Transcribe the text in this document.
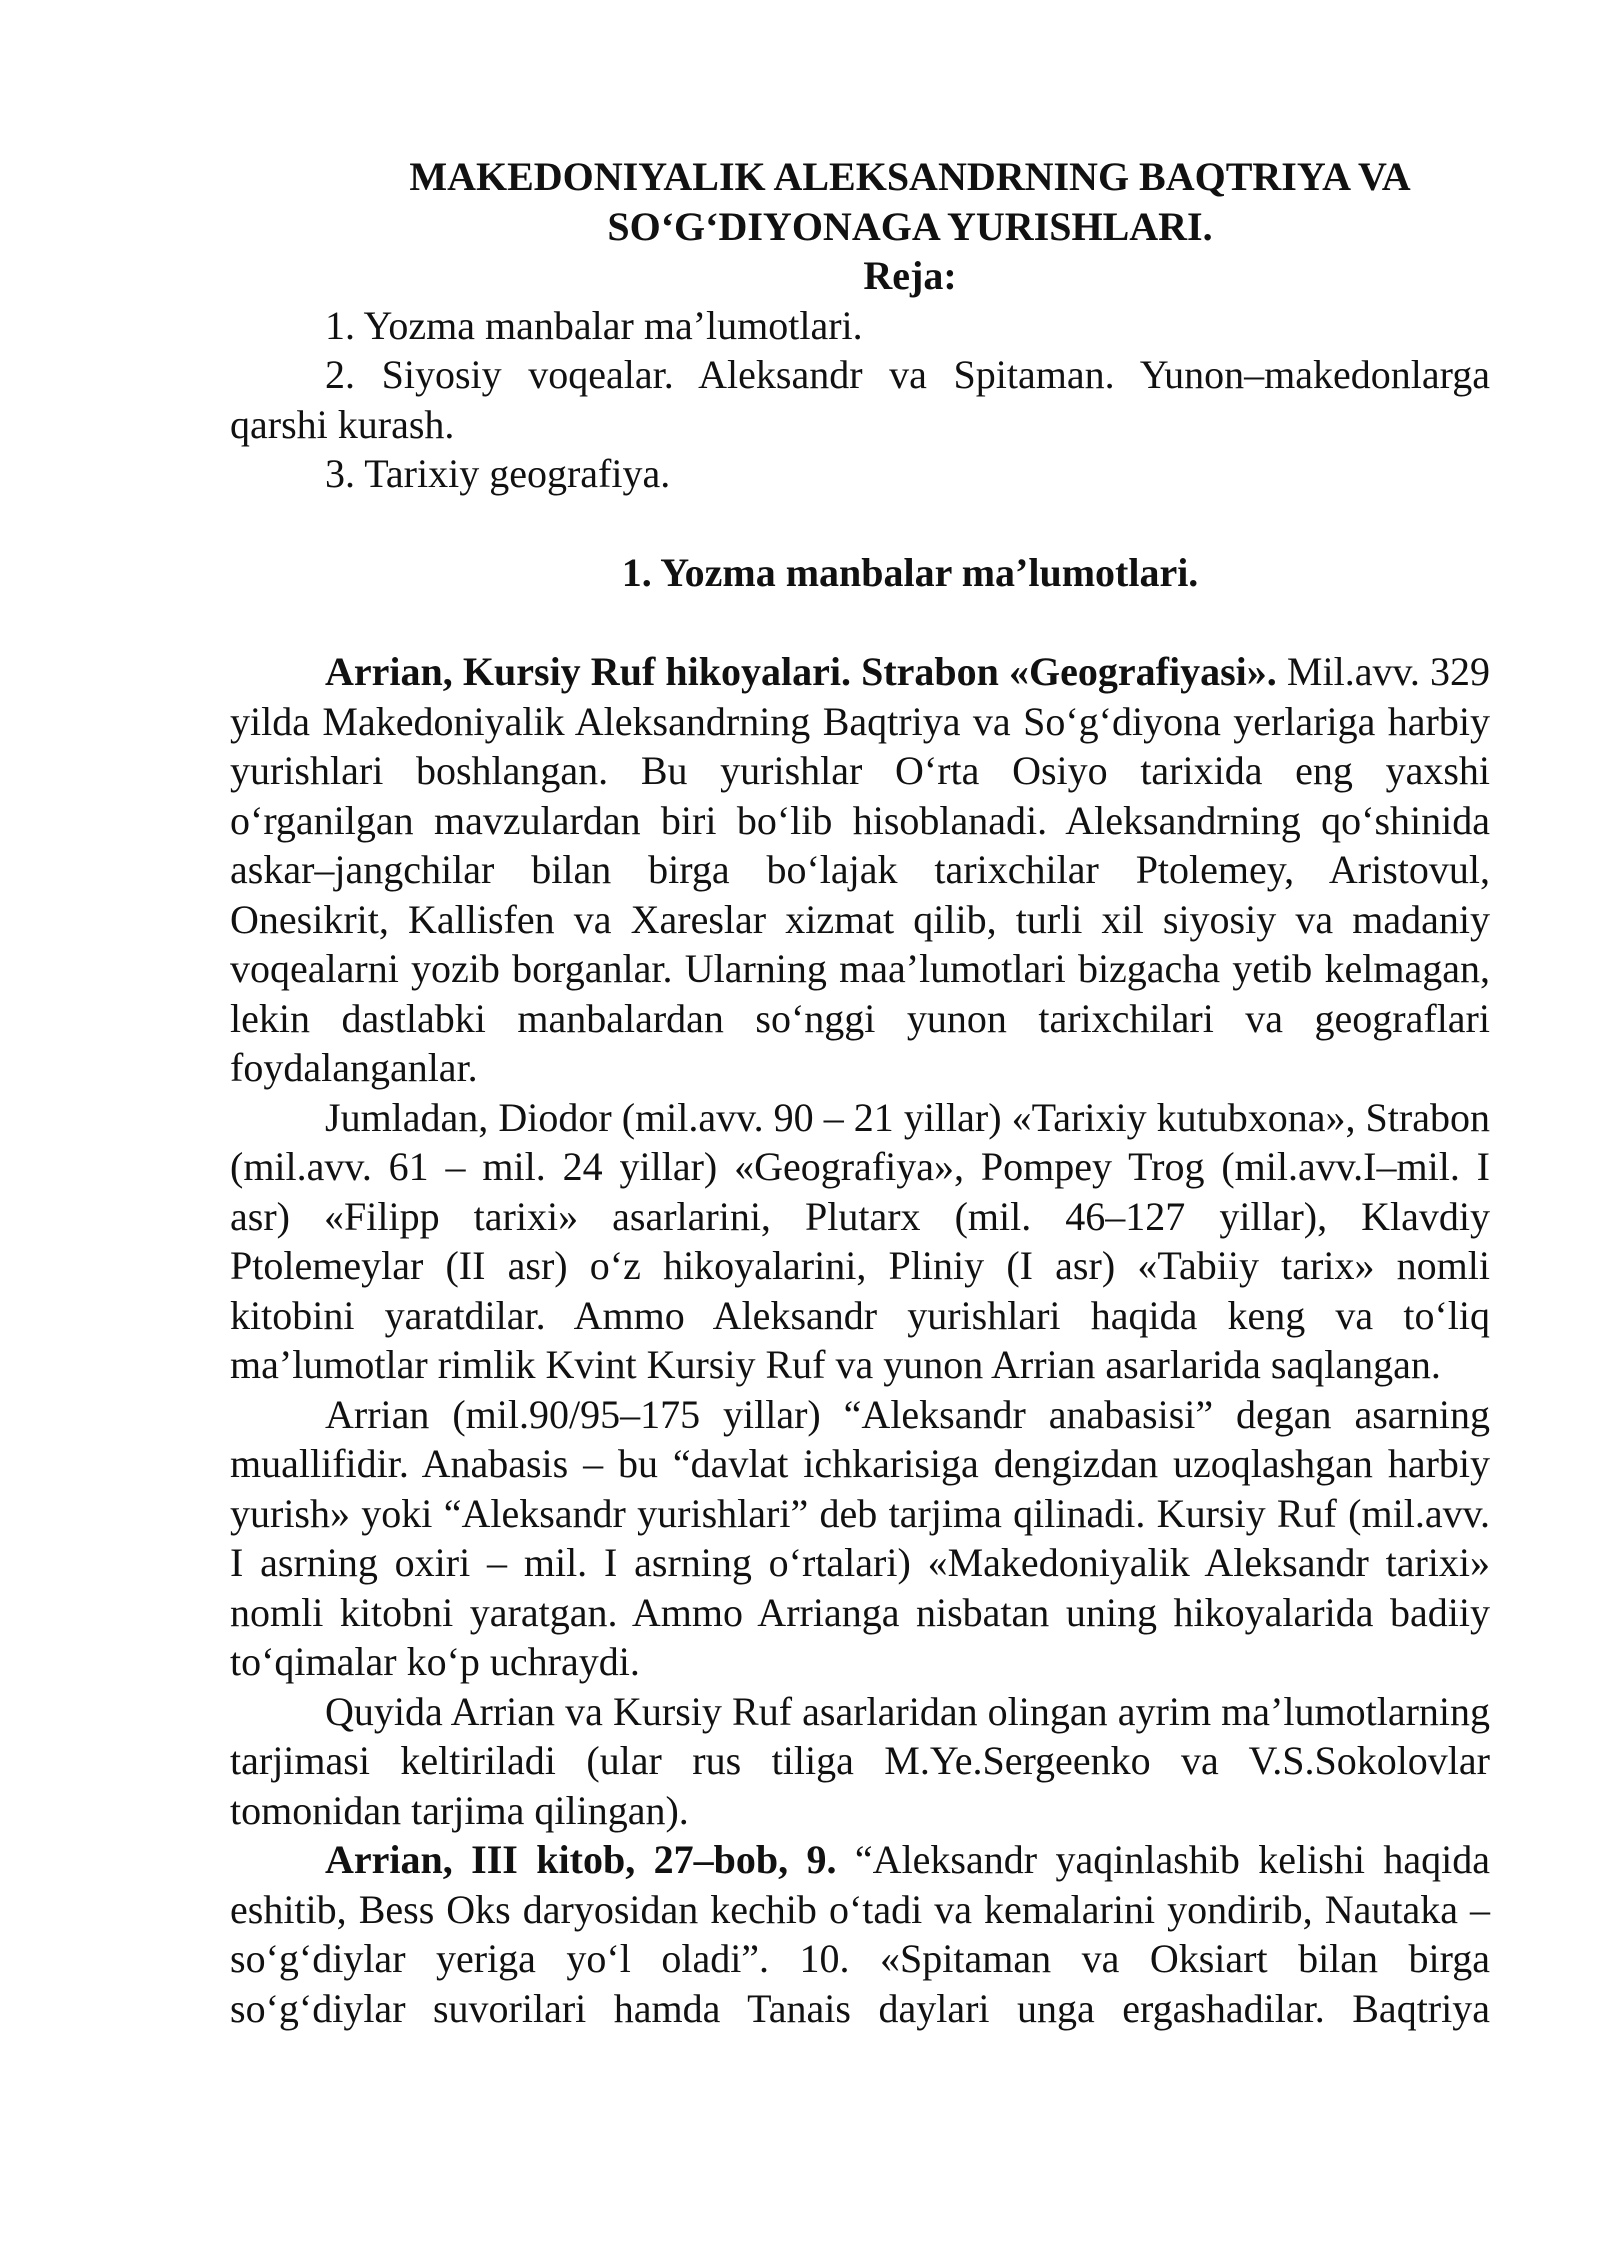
MAKEDONIYALIK ALEKSANDRNING BAQTRIYA VA

SO‘G‘DIYONAGA YURISHLARI.

Reja:

1. Yozma manbalar ma’lumotlari.

2. Siyosiy voqealar. Aleksandr va Spitaman. Yunon–makedonlarga qarshi kurash.

3. Tarixiy geografiya.

1. Yozma manbalar ma’lumotlari.

Arrian, Kursiy Ruf hikoyalari. Strabon «Geografiyasi». Mil.avv. 329 yilda Makedoniyalik Aleksandrning Baqtriya va So‘g‘diyona yerlariga harbiy yurishlari boshlangan. Bu yurishlar O‘rta Osiyo tarixida eng yaxshi o‘rganilgan mavzulardan biri bo‘lib hisoblanadi. Aleksandrning qo‘shinida askar–jangchilar bilan birga bo‘lajak tarixchilar Ptolemey, Aristovul, Onesikrit, Kallisfen va Xareslar xizmat qilib, turli xil siyosiy va madaniy voqealarni yozib borganlar. Ularning maa’lumotlari bizgacha yetib kelmagan, lekin dastlabki manbalardan so‘nggi yunon tarixchilari va geograflari foydalanganlar.

Jumladan, Diodor (mil.avv. 90 – 21 yillar) «Tarixiy kutubxona», Strabon (mil.avv. 61 – mil. 24 yillar) «Geografiya», Pompey Trog (mil.avv.I–mil. I asr) «Filipp tarixi» asarlarini, Plutarx (mil. 46–127 yillar), Klavdiy Ptolemeylar (II asr) o‘z hikoyalarini, Pliniy (I asr) «Tabiiy tarix» nomli kitobini yaratdilar. Ammo Aleksandr yurishlari haqida keng va to‘liq ma’lumotlar rimlik Kvint Kursiy Ruf va yunon Arrian asarlarida saqlangan.

Arrian (mil.90/95–175 yillar) “Aleksandr anabasisi” degan asarning muallifidir. Anabasis – bu “davlat ichkarisiga dengizdan uzoqlashgan harbiy yurish» yoki “Aleksandr yurishlari” deb tarjima qilinadi. Kursiy Ruf (mil.avv. I asrning oxiri – mil. I asrning o‘rtalari) «Makedoniyalik Aleksandr tarixi» nomli kitobni yaratgan. Ammo Arrianga nisbatan uning hikoyalarida badiiy to‘qimalar ko‘p uchraydi.

Quyida Arrian va Kursiy Ruf asarlaridan olingan ayrim ma’lumotlarning tarjimasi keltiriladi (ular rus tiliga M.Ye.Sergeenko va V.S.Sokolovlar tomonidan tarjima qilingan).

Arrian, III kitob, 27–bob, 9. “Aleksandr yaqinlashib kelishi haqida eshitib, Bess Oks daryosidan kechib o‘tadi va kemalarini yondirib, Nautaka – so‘g‘diylar yeriga yo‘l oladi”. 10. «Spitaman va Oksiart bilan birga so‘g‘diylar suvorilari hamda Tanais daylari unga ergashadilar. Baqtriya
